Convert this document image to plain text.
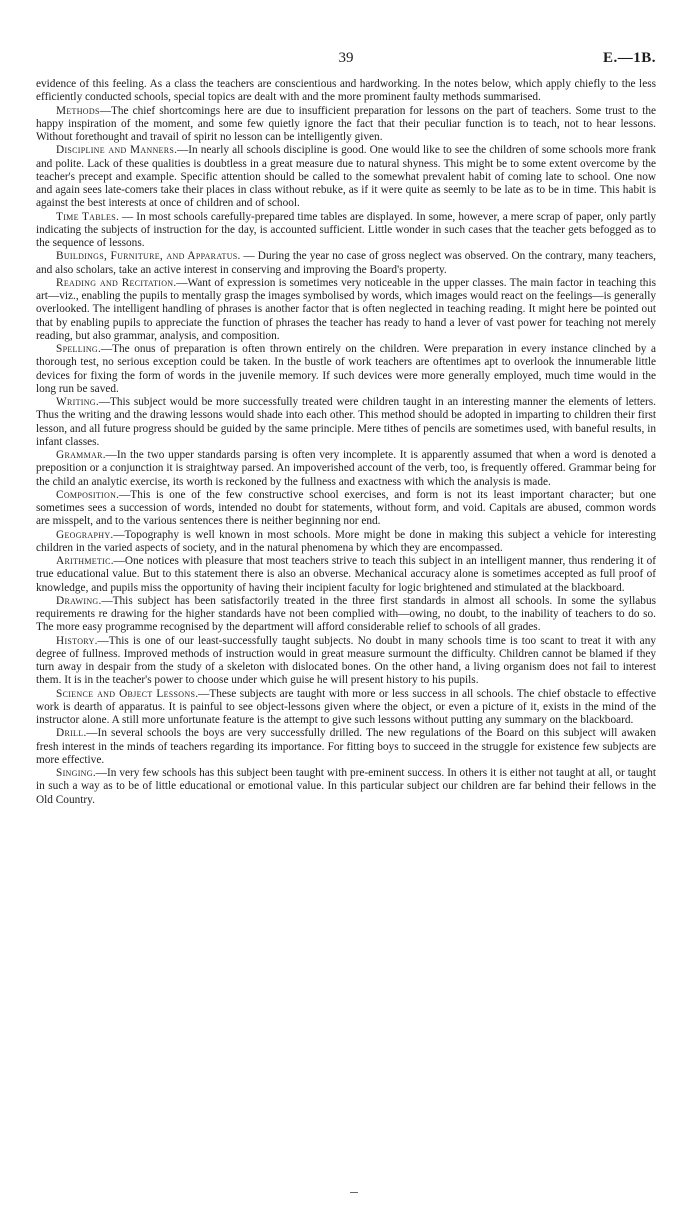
39	E.—1B.

evidence of this feeling. As a class the teachers are conscientious and hardworking. In the notes below, which apply chiefly to the less efficiently conducted schools, special topics are dealt with and the more prominent faulty methods summarised.

Methods—The chief shortcomings here are due to insufficient preparation for lessons on the part of teachers. Some trust to the happy inspiration of the moment, and some few quietly ignore the fact that their peculiar function is to teach, not to hear lessons. Without forethought and travail of spirit no lesson can be intelligently given.

Discipline and Manners.—In nearly all schools discipline is good. One would like to see the children of some schools more frank and polite. Lack of these qualities is doubtless in a great measure due to natural shyness. This might be to some extent overcome by the teacher's precept and example. Specific attention should be called to the somewhat prevalent habit of coming late to school. One now and again sees late-comers take their places in class without rebuke, as if it were quite as seemly to be late as to be in time. This habit is against the best interests at once of children and of school.

Time Tables. — In most schools carefully-prepared time tables are displayed. In some, however, a mere scrap of paper, only partly indicating the subjects of instruction for the day, is accounted sufficient. Little wonder in such cases that the teacher gets befogged as to the sequence of lessons.

Buildings, Furniture, and Apparatus. — During the year no case of gross neglect was observed. On the contrary, many teachers, and also scholars, take an active interest in conserving and improving the Board's property.

Reading and Recitation.—Want of expression is sometimes very noticeable in the upper classes. The main factor in teaching this art—viz., enabling the pupils to mentally grasp the images symbolised by words, which images would react on the feelings—is generally overlooked. The intelligent handling of phrases is another factor that is often neglected in teaching reading. It might here be pointed out that by enabling pupils to appreciate the function of phrases the teacher has ready to hand a lever of vast power for teaching not merely reading, but also grammar, analysis, and composition.

Spelling.—The onus of preparation is often thrown entirely on the children. Were preparation in every instance clinched by a thorough test, no serious exception could be taken. In the bustle of work teachers are oftentimes apt to overlook the innumerable little devices for fixing the form of words in the juvenile memory. If such devices were more generally employed, much time would in the long run be saved.

Writing.—This subject would be more successfully treated were children taught in an interesting manner the elements of letters. Thus the writing and the drawing lessons would shade into each other. This method should be adopted in imparting to children their first lesson, and all future progress should be guided by the same principle. Mere tithes of pencils are sometimes used, with baneful results, in infant classes.

Grammar.—In the two upper standards parsing is often very incomplete. It is apparently assumed that when a word is denoted a preposition or a conjunction it is straightway parsed. An impoverished account of the verb, too, is frequently offered. Grammar being for the child an analytic exercise, its worth is reckoned by the fullness and exactness with which the analysis is made.

Composition.—This is one of the few constructive school exercises, and form is not its least important character; but one sometimes sees a succession of words, intended no doubt for statements, without form, and void. Capitals are abused, common words are misspelt, and to the various sentences there is neither beginning nor end.

Geography.—Topography is well known in most schools. More might be done in making this subject a vehicle for interesting children in the varied aspects of society, and in the natural phenomena by which they are encompassed.

Arithmetic.—One notices with pleasure that most teachers strive to teach this subject in an intelligent manner, thus rendering it of true educational value. But to this statement there is also an obverse. Mechanical accuracy alone is sometimes accepted as full proof of knowledge, and pupils miss the opportunity of having their incipient faculty for logic brightened and stimulated at the blackboard.

Drawing.—This subject has been satisfactorily treated in the three first standards in almost all schools. In some the syllabus requirements re drawing for the higher standards have not been complied with—owing, no doubt, to the inability of teachers to do so. The more easy programme recognised by the department will afford considerable relief to schools of all grades.

History.—This is one of our least-successfully taught subjects. No doubt in many schools time is too scant to treat it with any degree of fullness. Improved methods of instruction would in great measure surmount the difficulty. Children cannot be blamed if they turn away in despair from the study of a skeleton with dislocated bones. On the other hand, a living organism does not fail to interest them. It is in the teacher's power to choose under which guise he will present history to his pupils.

Science and Object Lessons.—These subjects are taught with more or less success in all schools. The chief obstacle to effective work is dearth of apparatus. It is painful to see object-lessons given where the object, or even a picture of it, exists in the mind of the instructor alone. A still more unfortunate feature is the attempt to give such lessons without putting any summary on the blackboard.

Drill.—In several schools the boys are very successfully drilled. The new regulations of the Board on this subject will awaken fresh interest in the minds of teachers regarding its importance. For fitting boys to succeed in the struggle for existence few subjects are more effective.

Singing.—In very few schools has this subject been taught with pre-eminent success. In others it is either not taught at all, or taught in such a way as to be of little educational or emotional value. In this particular subject our children are far behind their fellows in the Old Country.
